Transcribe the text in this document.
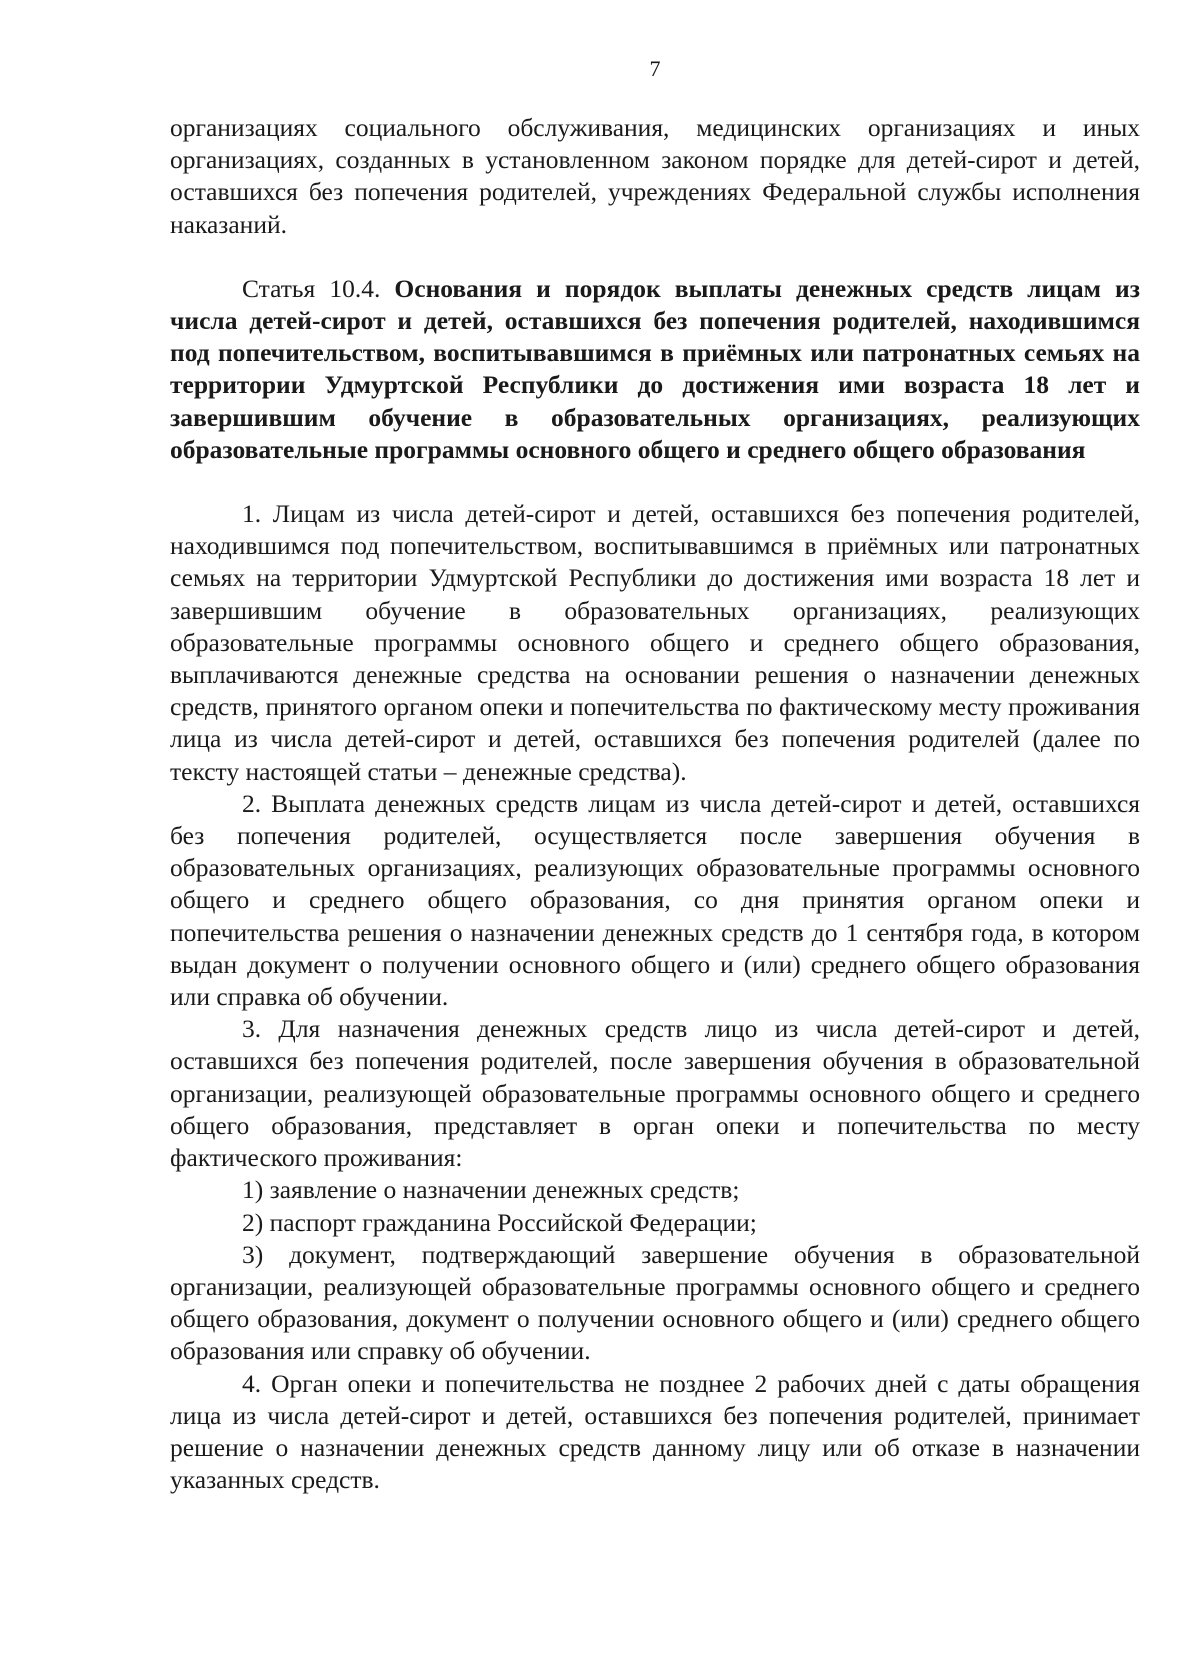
7

организациях социального обслуживания, медицинских организациях и иных организациях, созданных в установленном законом порядке для детей-сирот и детей, оставшихся без попечения родителей, учреждениях Федеральной службы исполнения наказаний.

Статья 10.4. Основания и порядок выплаты денежных средств лицам из числа детей-сирот и детей, оставшихся без попечения родителей, находившимся под попечительством, воспитывавшимся в приёмных или патронатных семьях на территории Удмуртской Республики до достижения ими возраста 18 лет и завершившим обучение в образовательных организациях, реализующих образовательные программы основного общего и среднего общего образования

1. Лицам из числа детей-сирот и детей, оставшихся без попечения родителей, находившимся под попечительством, воспитывавшимся в приёмных или патронатных семьях на территории Удмуртской Республики до достижения ими возраста 18 лет и завершившим обучение в образовательных организациях, реализующих образовательные программы основного общего и среднего общего образования, выплачиваются денежные средства на основании решения о назначении денежных средств, принятого органом опеки и попечительства по фактическому месту проживания лица из числа детей-сирот и детей, оставшихся без попечения родителей (далее по тексту настоящей статьи – денежные средства).

2. Выплата денежных средств лицам из числа детей-сирот и детей, оставшихся без попечения родителей, осуществляется после завершения обучения в образовательных организациях, реализующих образовательные программы основного общего и среднего общего образования, со дня принятия органом опеки и попечительства решения о назначении денежных средств до 1 сентября года, в котором выдан документ о получении основного общего и (или) среднего общего образования или справка об обучении.

3. Для назначения денежных средств лицо из числа детей-сирот и детей, оставшихся без попечения родителей, после завершения обучения в образовательной организации, реализующей образовательные программы основного общего и среднего общего образования, представляет в орган опеки и попечительства по месту фактического проживания:

1) заявление о назначении денежных средств;

2) паспорт гражданина Российской Федерации;

3) документ, подтверждающий завершение обучения в образовательной организации, реализующей образовательные программы основного общего и среднего общего образования, документ о получении основного общего и (или) среднего общего образования или справку об обучении.

4. Орган опеки и попечительства не позднее 2 рабочих дней с даты обращения лица из числа детей-сирот и детей, оставшихся без попечения родителей, принимает решение о назначении денежных средств данному лицу или об отказе в назначении указанных средств.
